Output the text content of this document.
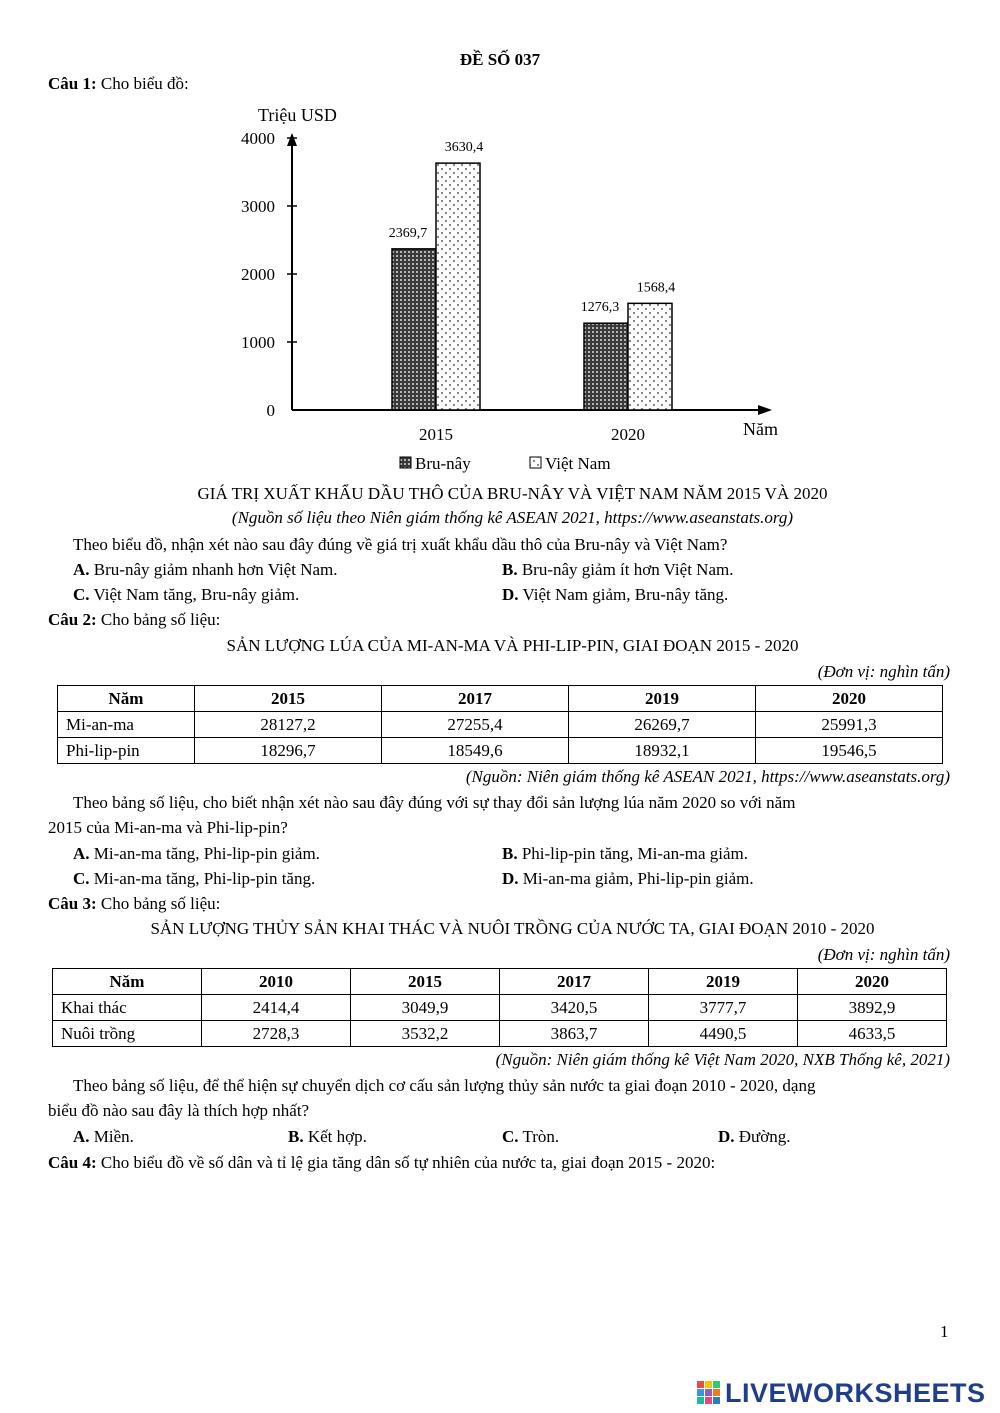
ĐỀ SỐ 037
Câu 1: Cho biểu đồ:
0
1000
2000
3000
4000
Triệu USD
Năm
2369,7
3630,4
2015
1276,3
1568,4
2020
Bru-nây	Việt Nam
GIÁ TRỊ XUẤT KHẨU DẦU THÔ CỦA BRU-NÂY VÀ VIỆT NAM NĂM 2015 VÀ 2020
(Nguồn số liệu theo Niên giám thống kê ASEAN 2021, https://www.aseanstats.org)
Theo biểu đồ, nhận xét nào sau đây đúng về giá trị xuất khẩu dầu thô của Bru-nây và Việt Nam?
A. Bru-nây giảm nhanh hơn Việt Nam.	B. Bru-nây giảm ít hơn Việt Nam.
C. Việt Nam tăng, Bru-nây giảm.	D. Việt Nam giảm, Bru-nây tăng.
Câu 2: Cho bảng số liệu:
SẢN LƯỢNG LÚA CỦA MI-AN-MA VÀ PHI-LIP-PIN, GIAI ĐOẠN 2015 - 2020
(Đơn vị: nghìn tấn)
Năm	2015	2017	2019	2020
Mi-an-ma	28127,2	27255,4	26269,7	25991,3
Phi-lip-pin	18296,7	18549,6	18932,1	19546,5
(Nguồn: Niên giám thống kê ASEAN 2021, https://www.aseanstats.org)
Theo bảng số liệu, cho biết nhận xét nào sau đây đúng với sự thay đổi sản lượng lúa năm 2020 so với năm
2015 của Mi-an-ma và Phi-lip-pin?
A. Mi-an-ma tăng, Phi-lip-pin giảm.	B. Phi-lip-pin tăng, Mi-an-ma giảm.
C. Mi-an-ma tăng, Phi-lip-pin tăng.	D. Mi-an-ma giảm, Phi-lip-pin giảm.
Câu 3: Cho bảng số liệu:
SẢN LƯỢNG THỦY SẢN KHAI THÁC VÀ NUÔI TRỒNG CỦA NƯỚC TA, GIAI ĐOẠN 2010 - 2020
(Đơn vị: nghìn tấn)
Năm	2010	2015	2017	2019	2020
Khai thác	2414,4	3049,9	3420,5	3777,7	3892,9
Nuôi trồng	2728,3	3532,2	3863,7	4490,5	4633,5
(Nguồn: Niên giám thống kê Việt Nam 2020, NXB Thống kê, 2021)
Theo bảng số liệu, để thể hiện sự chuyển dịch cơ cấu sản lượng thủy sản nước ta giai đoạn 2010 - 2020, dạng
biểu đồ nào sau đây là thích hợp nhất?
A. Miền.	B. Kết hợp.	C. Tròn.	D. Đường.
Câu 4: Cho biểu đồ về số dân và tỉ lệ gia tăng dân số tự nhiên của nước ta, giai đoạn 2015 - 2020:
1
LIVEWORKSHEETS
